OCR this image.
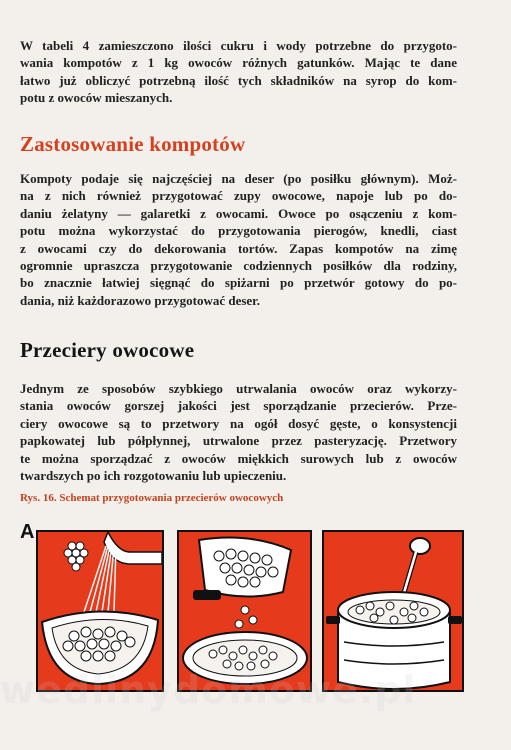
W tabeli 4 zamieszczono ilości cukru i wody potrzebne do przygoto-
wania kompotów z 1 kg owoców różnych gatunków. Mając te dane
łatwo już obliczyć potrzebną ilość tych składników na syrop do kom-
potu z owoców mieszanych.
Zastosowanie kompotów
Kompoty podaje się najczęściej na deser (po posiłku głównym). Moż-
na z nich również przygotować zupy owocowe, napoje lub po do-
daniu żelatyny — galaretki z owocami. Owoce po osączeniu z kom-
potu można wykorzystać do przygotowania pierogów, knedli, ciast
z owocami czy do dekorowania tortów. Zapas kompotów na zimę
ogromnie upraszcza przygotowanie codziennych posiłków dla rodziny,
bo znacznie łatwiej sięgnąć do spiżarni po przetwór gotowy do po-
dania, niż każdorazowo przygotować deser.
Przeciery owocowe
Jednym ze sposobów szybkiego utrwalania owoców oraz wykorzy-
stania owoców gorszej jakości jest sporządzanie przecierów. Prze-
ciery owocowe są to przetwory na ogół dosyć gęste, o konsystencji
papkowatej lub półpłynnej, utrwalone przez pasteryzację. Przetwory
te można sporządzać z owoców miękkich surowych lub z owoców
twardszych po ich rozgotowaniu lub upieczeniu.
Rys. 16. Schemat przygotowania przecierów owocowych
A
wedlinydomowe.pl
